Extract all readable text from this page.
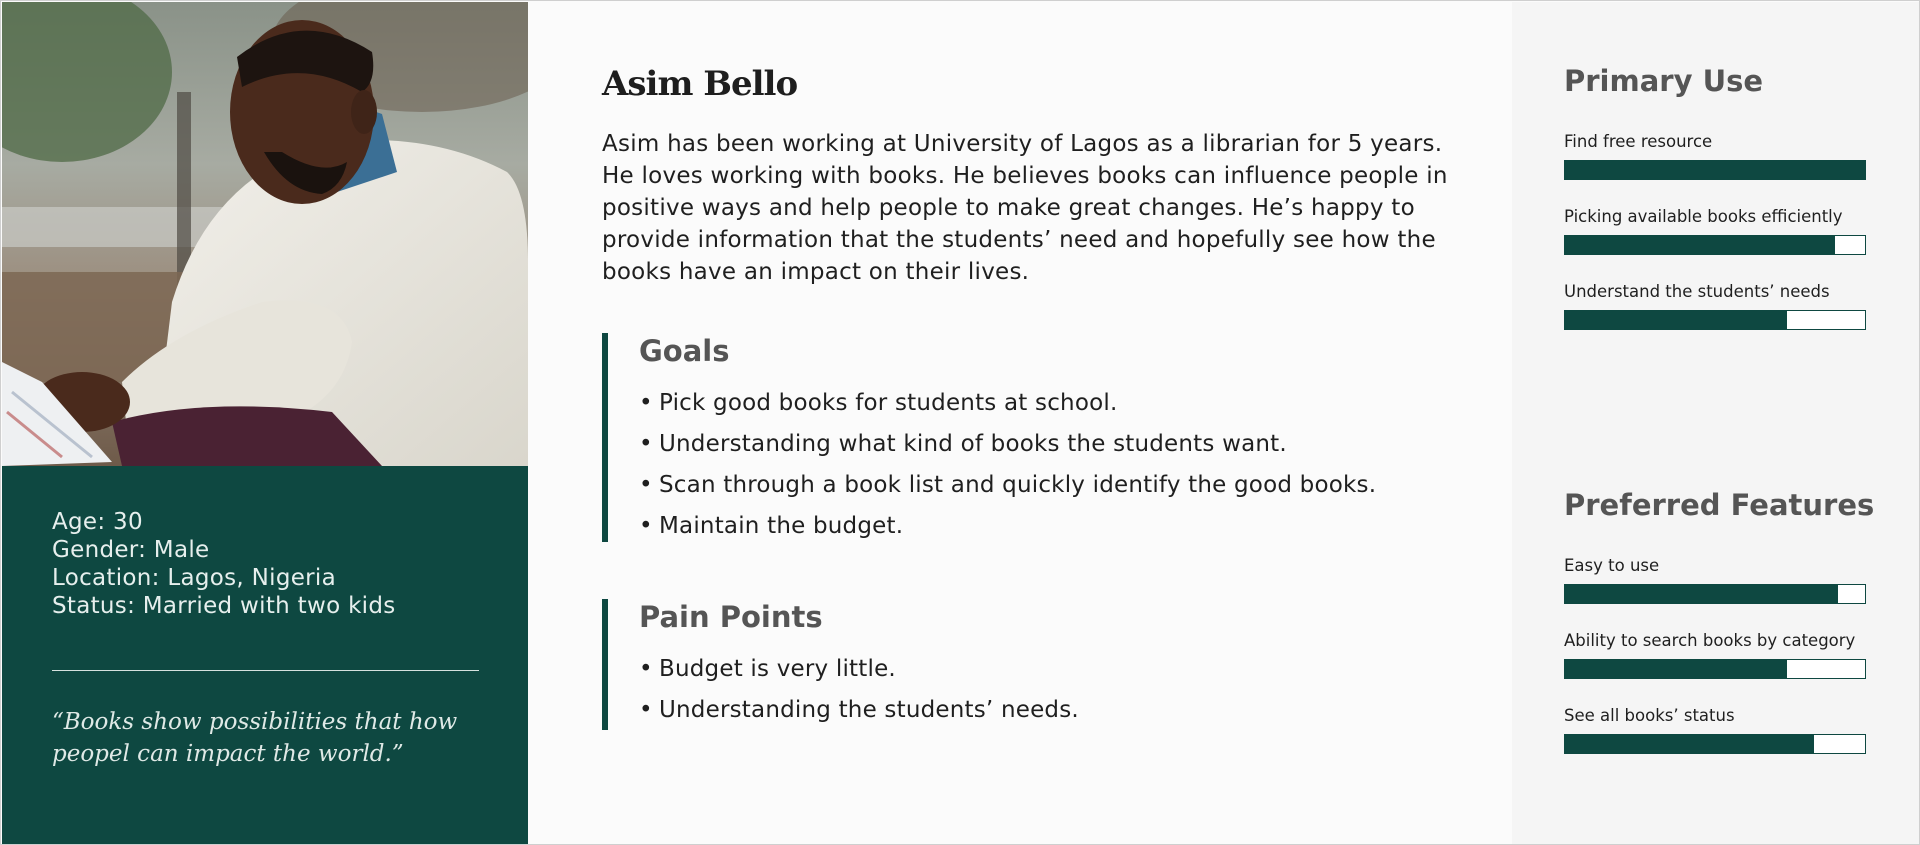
Age: 30
Gender: Male
Location: Lagos, Nigeria
Status: Married with two kids
“Books show possibilities that how peopel can impact the world.”
Asim Bello

Asim has been working at University of Lagos as a librarian for 5 years. He loves working with books. He believes books can influence people in positive ways and help people to make great changes. He’s happy to provide information that the students’ need and hopefully see how the books have an impact on their lives.

Goals
• Pick good books for students at school.
• Understanding what kind of books the students want.
• Scan through a book list and quickly identify the good books.
• Maintain the budget.
Pain Points
• Budget is very little.
• Understanding the students’ needs.
Primary Use
Find free resource
Picking available books efficiently
Understand the students’ needs
Preferred Features
Easy to use
Ability to search books by category
See all books’ status
